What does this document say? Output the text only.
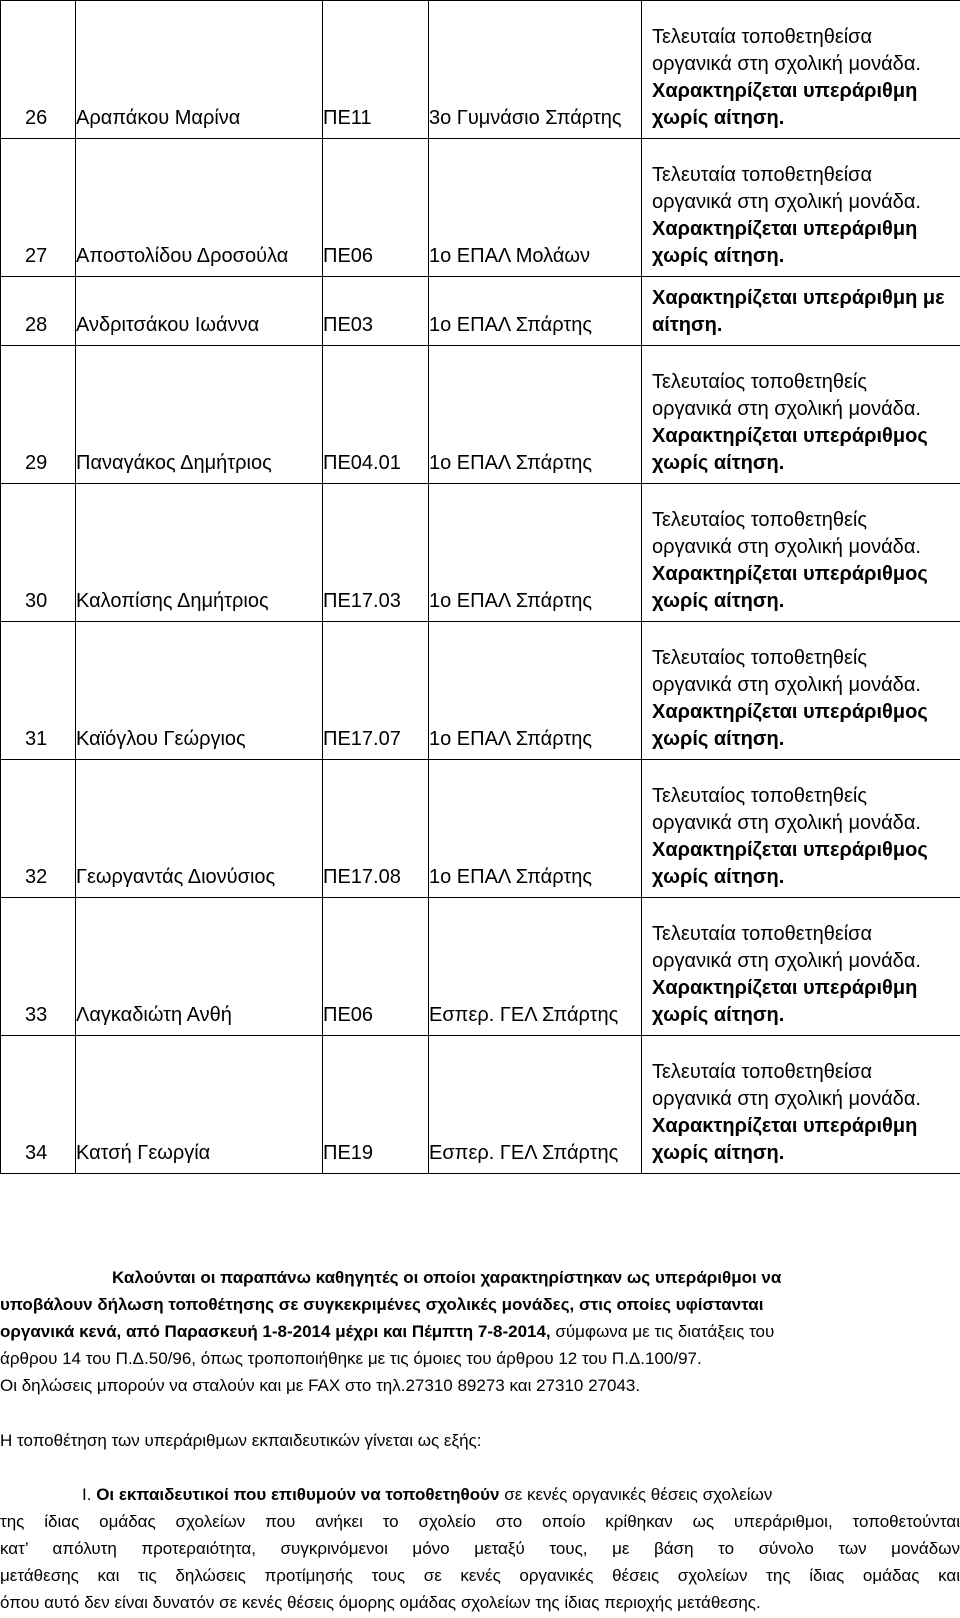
26	Αραπάκου Μαρίνα	ΠΕ11	3ο Γυμνάσιο Σπάρτης	Τελευταία τοποθετηθείσα
οργανικά στη σχολική μονάδα.
Χαρακτηρίζεται υπεράριθμη
χωρίς αίτηση.

27	Αποστολίδου Δροσούλα	ΠΕ06	1ο ΕΠΑΛ Μολάων	Τελευταία τοποθετηθείσα
οργανικά στη σχολική μονάδα.
Χαρακτηρίζεται υπεράριθμη
χωρίς αίτηση.

28	Ανδριτσάκου Ιωάννα	ΠΕ03	1ο ΕΠΑΛ Σπάρτης	Χαρακτηρίζεται υπεράριθμη με
αίτηση.

29	Παναγάκος Δημήτριος	ΠΕ04.01	1ο ΕΠΑΛ Σπάρτης	Τελευταίος τοποθετηθείς
οργανικά στη σχολική μονάδα.
Χαρακτηρίζεται υπεράριθμος
χωρίς αίτηση.

30	Καλοπίσης Δημήτριος	ΠΕ17.03	1ο ΕΠΑΛ Σπάρτης	Τελευταίος τοποθετηθείς
οργανικά στη σχολική μονάδα.
Χαρακτηρίζεται υπεράριθμος
χωρίς αίτηση.

31	Καϊόγλου Γεώργιος	ΠΕ17.07	1ο ΕΠΑΛ Σπάρτης	Τελευταίος τοποθετηθείς
οργανικά στη σχολική μονάδα.
Χαρακτηρίζεται υπεράριθμος
χωρίς αίτηση.

32	Γεωργαντάς Διονύσιος	ΠΕ17.08	1ο ΕΠΑΛ Σπάρτης	Τελευταίος τοποθετηθείς
οργανικά στη σχολική μονάδα.
Χαρακτηρίζεται υπεράριθμος
χωρίς αίτηση.

33	Λαγκαδιώτη Ανθή	ΠΕ06	Εσπερ. ΓΕΛ Σπάρτης	Τελευταία τοποθετηθείσα
οργανικά στη σχολική μονάδα.
Χαρακτηρίζεται υπεράριθμη
χωρίς αίτηση.

34	Κατσή Γεωργία	ΠΕ19	Εσπερ. ΓΕΛ Σπάρτης	Τελευταία τοποθετηθείσα
οργανικά στη σχολική μονάδα.
Χαρακτηρίζεται υπεράριθμη
χωρίς αίτηση.
Καλούνται οι παραπάνω καθηγητές οι οποίοι χαρακτηρίστηκαν ως υπεράριθμοι να
υποβάλουν δήλωση τοποθέτησης σε συγκεκριμένες σχολικές μονάδες, στις οποίες υφίστανται
οργανικά κενά, από Παρασκευή 1-8-2014 μέχρι και Πέμπτη 7-8-2014, σύμφωνα με τις διατάξεις του
άρθρου 14 του Π.Δ.50/96, όπως τροποποιήθηκε με τις όμοιες του άρθρου 12 του Π.Δ.100/97.
Οι δηλώσεις μπορούν να σταλούν και με FAX στο τηλ.27310 89273 και 27310 27043.
Η τοποθέτηση των υπεράριθμων εκπαιδευτικών γίνεται ως εξής:
Ι. Οι εκπαιδευτικοί που επιθυμούν να τοποθετηθούν σε κενές οργανικές θέσεις σχολείων
της ίδιας ομάδας σχολείων που ανήκει το σχολείο στο οποίο κρίθηκαν ως υπεράριθμοι, τοποθετούνται
κατ’ απόλυτη προτεραιότητα, συγκρινόμενοι μόνο μεταξύ τους, με βάση το σύνολο των μονάδων
μετάθεσης και τις δηλώσεις προτίμησής τους σε κενές οργανικές θέσεις σχολείων της ίδιας ομάδας και
όπου αυτό δεν είναι δυνατόν σε κενές θέσεις όμορης ομάδας σχολείων της ίδιας περιοχής μετάθεσης.
